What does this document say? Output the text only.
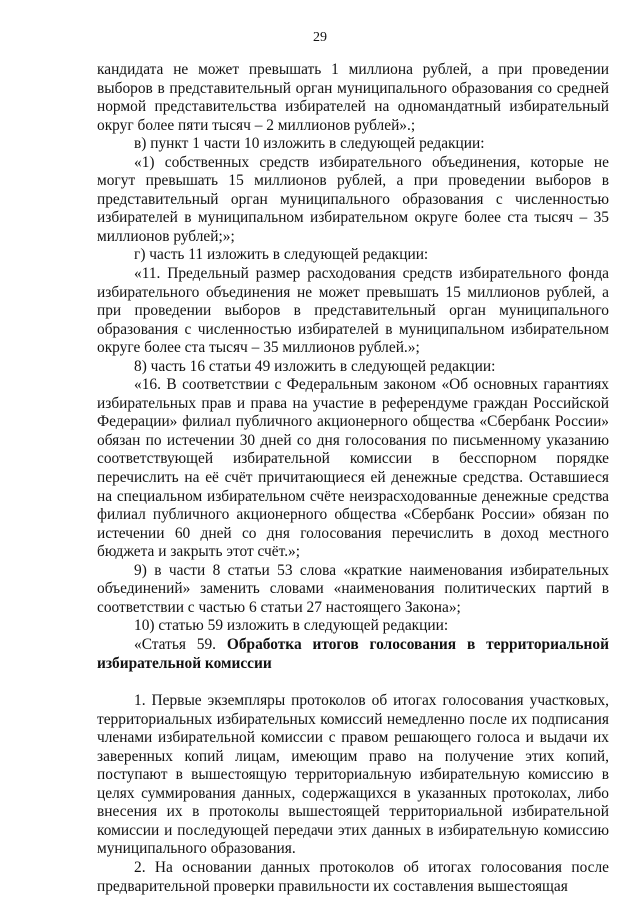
29

кандидата не может превышать 1 миллиона рублей, а при проведении выборов в представительный орган муниципального образования со средней нормой представительства избирателей на одномандатный избирательный округ более пяти тысяч – 2 миллионов рублей».;

в) пункт 1 части 10 изложить в следующей редакции:

«1) собственных средств избирательного объединения, которые не могут превышать 15 миллионов рублей, а при проведении выборов в представительный орган муниципального образования с численностью избирателей в муниципальном избирательном округе более ста тысяч – 35 миллионов рублей;»;

г) часть 11 изложить в следующей редакции:

«11. Предельный размер расходования средств избирательного фонда избирательного объединения не может превышать 15 миллионов рублей, а при проведении выборов в представительный орган муниципального образования с численностью избирателей в муниципальном избирательном округе более ста тысяч – 35 миллионов рублей.»;

8) часть 16 статьи 49 изложить в следующей редакции:

«16. В соответствии с Федеральным законом «Об основных гарантиях избирательных прав и права на участие в референдуме граждан Российской Федерации» филиал публичного акционерного общества «Сбербанк России» обязан по истечении 30 дней со дня голосования по письменному указанию соответствующей избирательной комиссии в бесспорном порядке перечислить на её счёт причитающиеся ей денежные средства. Оставшиеся на специальном избирательном счёте неизрасходованные денежные средства филиал публичного акционерного общества «Сбербанк России» обязан по истечении 60 дней со дня голосования перечислить в доход местного бюджета и закрыть этот счёт.»;

9) в части 8 статьи 53 слова «краткие наименования избирательных объединений» заменить словами «наименования политических партий в соответствии с частью 6 статьи 27 настоящего Закона»;

10) статью 59 изложить в следующей редакции:

«Статья 59. Обработка итогов голосования в территориальной избирательной комиссии

1. Первые экземпляры протоколов об итогах голосования участковых, территориальных избирательных комиссий немедленно после их подписания членами избирательной комиссии с правом решающего голоса и выдачи их заверенных копий лицам, имеющим право на получение этих копий, поступают в вышестоящую территориальную избирательную комиссию в целях суммирования данных, содержащихся в указанных протоколах, либо внесения их в протоколы вышестоящей территориальной избирательной комиссии и последующей передачи этих данных в избирательную комиссию муниципального образования.

2. На основании данных протоколов об итогах голосования после предварительной проверки правильности их составления вышестоящая
